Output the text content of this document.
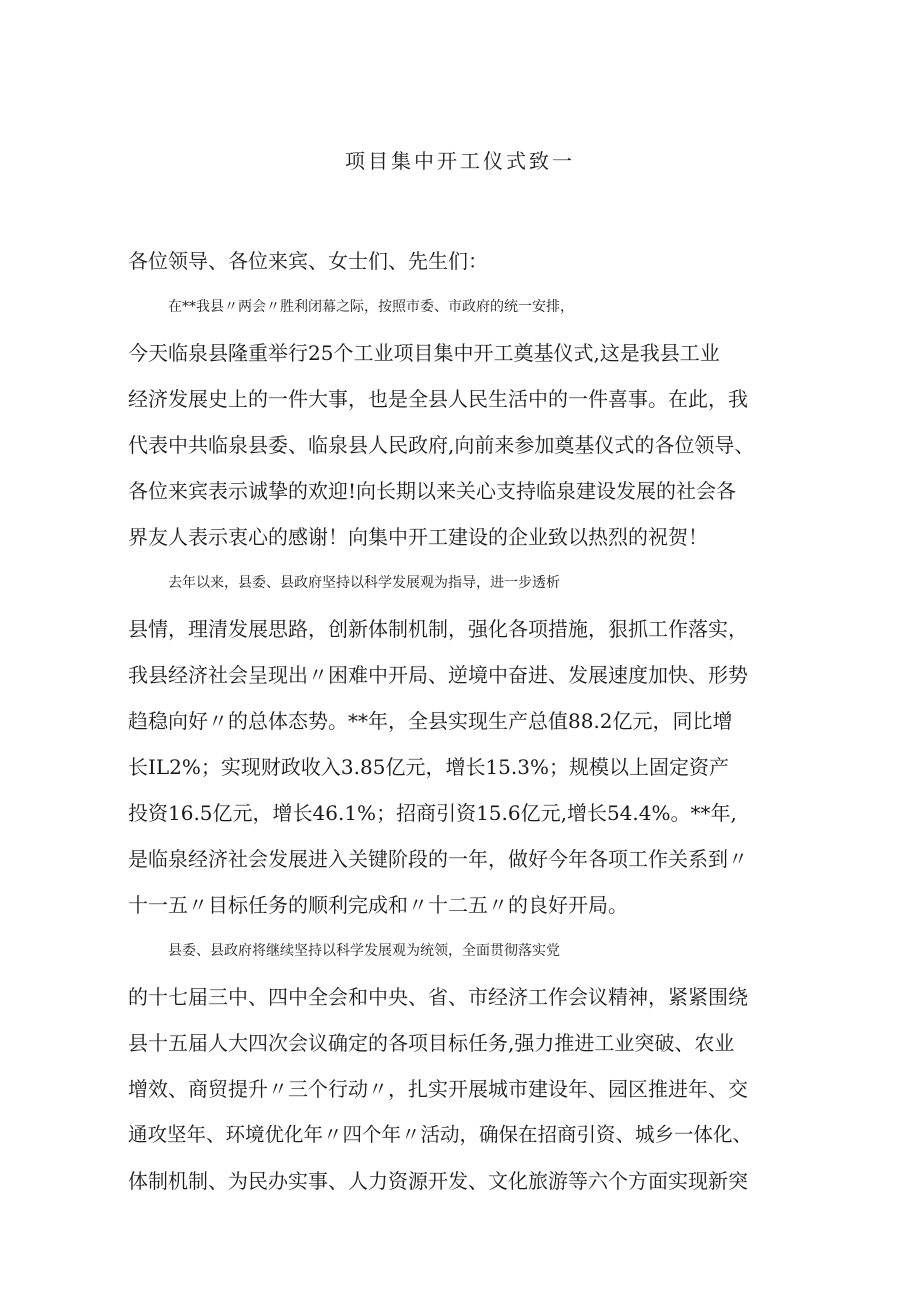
项目集中开工仪式致一

各位领导、各位来宾、女士们、先生们：

在**我县〃两会〃胜利闭幕之际，按照市委、市政府的统一安排，
今天临泉县隆重举行25个工业项目集中开工奠基仪式,这是我县工业
经济发展史上的一件大事，也是全县人民生活中的一件喜事。在此，我
代表中共临泉县委、临泉县人民政府,向前来参加奠基仪式的各位领导、
各位来宾表示诚挚的欢迎!向长期以来关心支持临泉建设发展的社会各
界友人表示衷心的感谢！向集中开工建设的企业致以热烈的祝贺！

去年以来，县委、县政府坚持以科学发展观为指导，进一步透析
县情，理清发展思路，创新体制机制，强化各项措施，狠抓工作落实，
我县经济社会呈现出〃困难中开局、逆境中奋进、发展速度加快、形势
趋稳向好〃的总体态势。**年，全县实现生产总值88.2亿元，同比增
长IL2%；实现财政收入3.85亿元，增长15.3%；规模以上固定资产
投资16.5亿元，增长46.1%；招商引资15.6亿元,增长54.4%。**年,
是临泉经济社会发展进入关键阶段的一年，做好今年各项工作关系到〃
十一五〃目标任务的顺利完成和〃十二五〃的良好开局。

县委、县政府将继续坚持以科学发展观为统领，全面贯彻落实党
的十七届三中、四中全会和中央、省、市经济工作会议精神，紧紧围绕
县十五届人大四次会议确定的各项目标任务,强力推进工业突破、农业
增效、商贸提升〃三个行动〃，扎实开展城市建设年、园区推进年、交
通攻坚年、环境优化年〃四个年〃活动，确保在招商引资、城乡一体化、
体制机制、为民办实事、人力资源开发、文化旅游等六个方面实现新突
